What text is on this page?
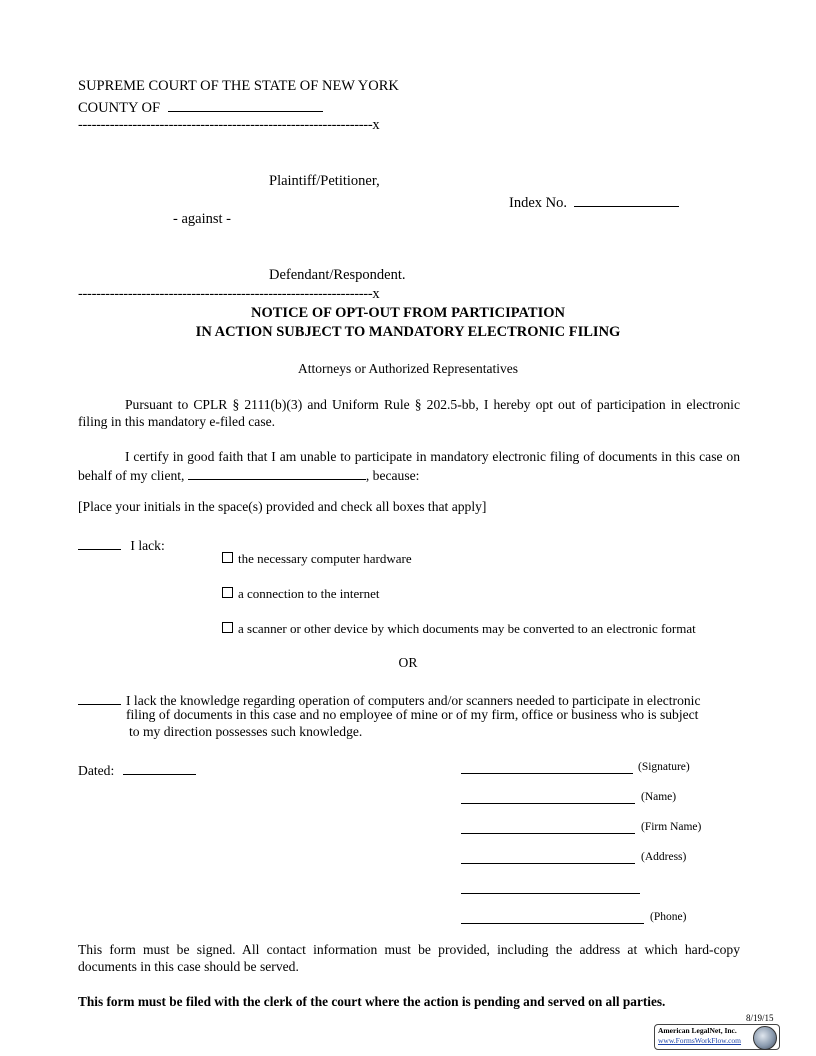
SUPREME COURT OF THE STATE OF NEW YORK
COUNTY OF
-----------------------------------------------------------------x
Plaintiff/Petitioner,
Index No.
- against -
Defendant/Respondent.
-----------------------------------------------------------------x
NOTICE OF OPT-OUT FROM PARTICIPATION
IN ACTION SUBJECT TO MANDATORY ELECTRONIC FILING
Attorneys or Authorized Representatives
Pursuant to CPLR § 2111(b)(3) and Uniform Rule § 202.5-bb, I hereby opt out of participation in electronic filing in this mandatory e-filed case.
I certify in good faith that I am unable to participate in mandatory electronic filing of documents in this case on behalf of my client,	, because:
[Place your initials in the space(s) provided and check all boxes that apply]
I lack:
the necessary computer hardware
a connection to the internet
a scanner or other device by which documents may be converted to an electronic format
OR
I lack the knowledge regarding operation of computers and/or scanners needed to participate in electronic
filing of documents in this case and no employee of mine or of my firm, office or business who is subject
to my direction possesses such knowledge.
Dated:	(Signature)
(Name)
(Firm Name)
(Address)
(Phone)
This form must be signed. All contact information must be provided, including the address at which hard-copy documents in this case should be served.
This form must be filed with the clerk of the court where the action is pending and served on all parties.
8/19/15
American LegalNet, Inc.
www.FormsWorkFlow.com
